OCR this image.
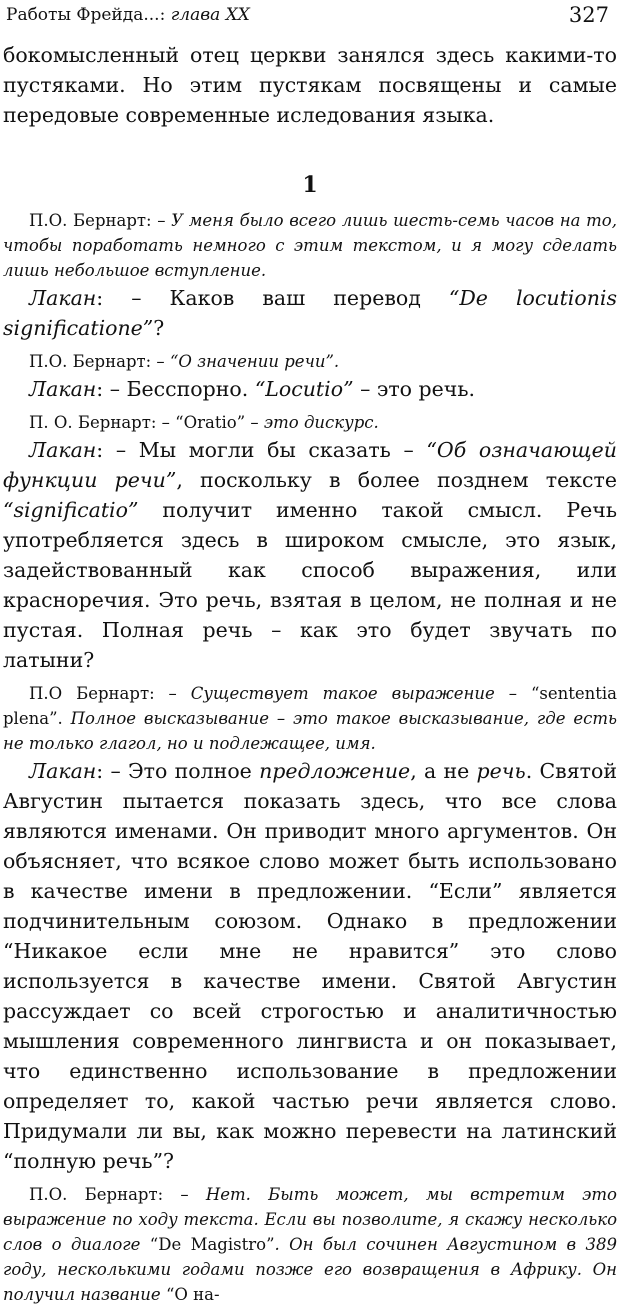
Работы Фрейда...: глава XX	327

бокомысленный отец церкви занялся здесь какими-то пустяками. Но этим пустякам посвящены и самые передовые современные иследования языка.

1

П.О. Бернарт: – У меня было всего лишь шесть-семь часов на то, чтобы поработать немного с этим текстом, и я могу сделать лишь небольшое вступление.

Лакан: – Каков ваш перевод “De locutionis significatione”?

П.О. Бернарт: – “О значении речи”.

Лакан: – Бесспорно. “Locutio” – это речь.

П. О. Бернарт: – “Oratio” – это дискурс.

Лакан: – Мы могли бы сказать – “Об означающей функции речи”, поскольку в более позднем тексте “significatio” получит именно такой смысл. Речь употребляется здесь в широком смысле, это язык, задействованный как способ выражения, или красноречия. Это речь, взятая в целом, не полная и не пустая. Полная речь – как это будет звучать по латыни?

П.О Бернарт: – Существует такое выражение – “sententia plena”. Полное высказывание – это такое высказывание, где есть не только глагол, но и подлежащее, имя.

Лакан: – Это полное предложение, а не речь. Святой Августин пытается показать здесь, что все слова являются именами. Он приводит много аргументов. Он объясняет, что всякое слово может быть использовано в качестве имени в предложении. “Если” является подчинительным союзом. Однако в предложении “Никакое если мне не нравится” это слово используется в качестве имени. Святой Августин рассуждает со всей строгостью и аналитичностью мышления современного лингвиста и он показывает, что единственно использование в предложении определяет то, какой частью речи является слово. Придумали ли вы, как можно перевести на латинский “полную речь”?

П.О. Бернарт: – Нет. Быть может, мы встретим это выражение по ходу текста. Если вы позволите, я скажу несколько слов о диалоге “De Magistro”. Он был сочинен Августином в 389 году, несколькими годами позже его возвращения в Африку. Он получил название “О на-
